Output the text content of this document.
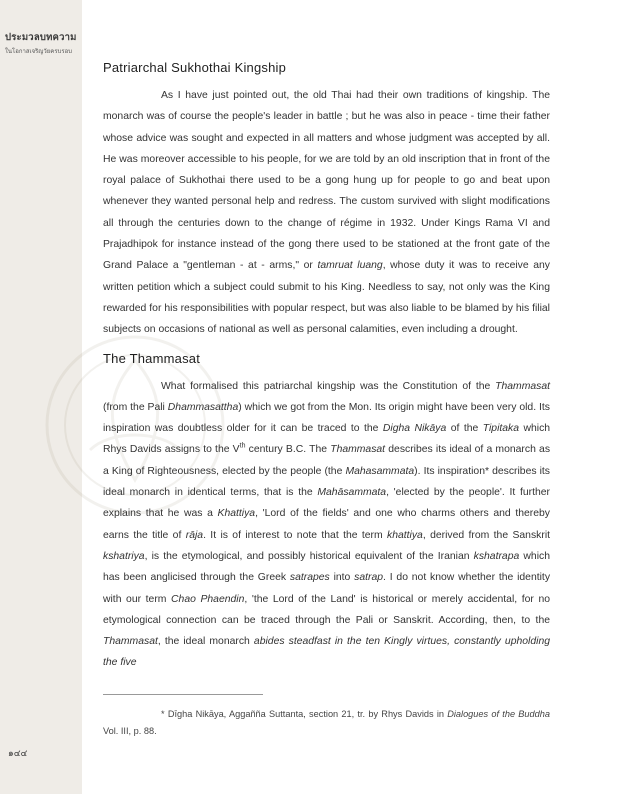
ประมวลบทความ
ในโอกาสเจริญวัยครบรอบ
๑๔๔
Patriarchal Sukhothai Kingship

As I have just pointed out, the old Thai had their own traditions of kingship. The monarch was of course the people's leader in battle ; but he was also in peace - time their father whose advice was sought and expected in all matters and whose judgment was accepted by all. He was moreover accessible to his people, for we are told by an old inscription that in front of the royal palace of Sukhothai there used to be a gong hung up for people to go and beat upon whenever they wanted personal help and redress. The custom survived with slight modifications all through the centuries down to the change of régime in 1932. Under Kings Rama VI and Prajadhipok for instance instead of the gong there used to be stationed at the front gate of the Grand Palace a "gentleman - at - arms," or tamruat luang, whose duty it was to receive any written petition which a subject could submit to his King. Needless to say, not only was the King rewarded for his responsibilities with popular respect, but was also liable to be blamed by his filial subjects on occasions of national as well as personal calamities, even including a drought.

The Thammasat

What formalised this patriarchal kingship was the Constitution of the Thammasat (from the Pali Dhammasattha) which we got from the Mon. Its origin might have been very old. Its inspiration was doubtless older for it can be traced to the Digha Nikāya of the Tipitaka which Rhys Davids assigns to the Vth century B.C. The Thammasat describes its ideal of a monarch as a King of Righteousness, elected by the people (the Mahasammata). Its inspiration* describes its ideal monarch in identical terms, that is the Mahāsammata, 'elected by the people'. It further explains that he was a Khattiya, 'Lord of the fields' and one who charms others and thereby earns the title of rāja. It is of interest to note that the term khattiya, derived from the Sanskrit kshatriya, is the etymological, and possibly historical equivalent of the Iranian kshatrapa which has been anglicised through the Greek satrapes into satrap. I do not know whether the identity with our term Chao Phaendin, 'the Lord of the Land' is historical or merely accidental, for no etymological connection can be traced through the Pali or Sanskrit. According, then, to the Thammasat, the ideal monarch abides steadfast in the ten Kingly virtues, constantly upholding the five

* Dīgha Nikāya, Aggañña Suttanta, section 21, tr. by Rhys Davids in Dialogues of the Buddha Vol. III, p. 88.
